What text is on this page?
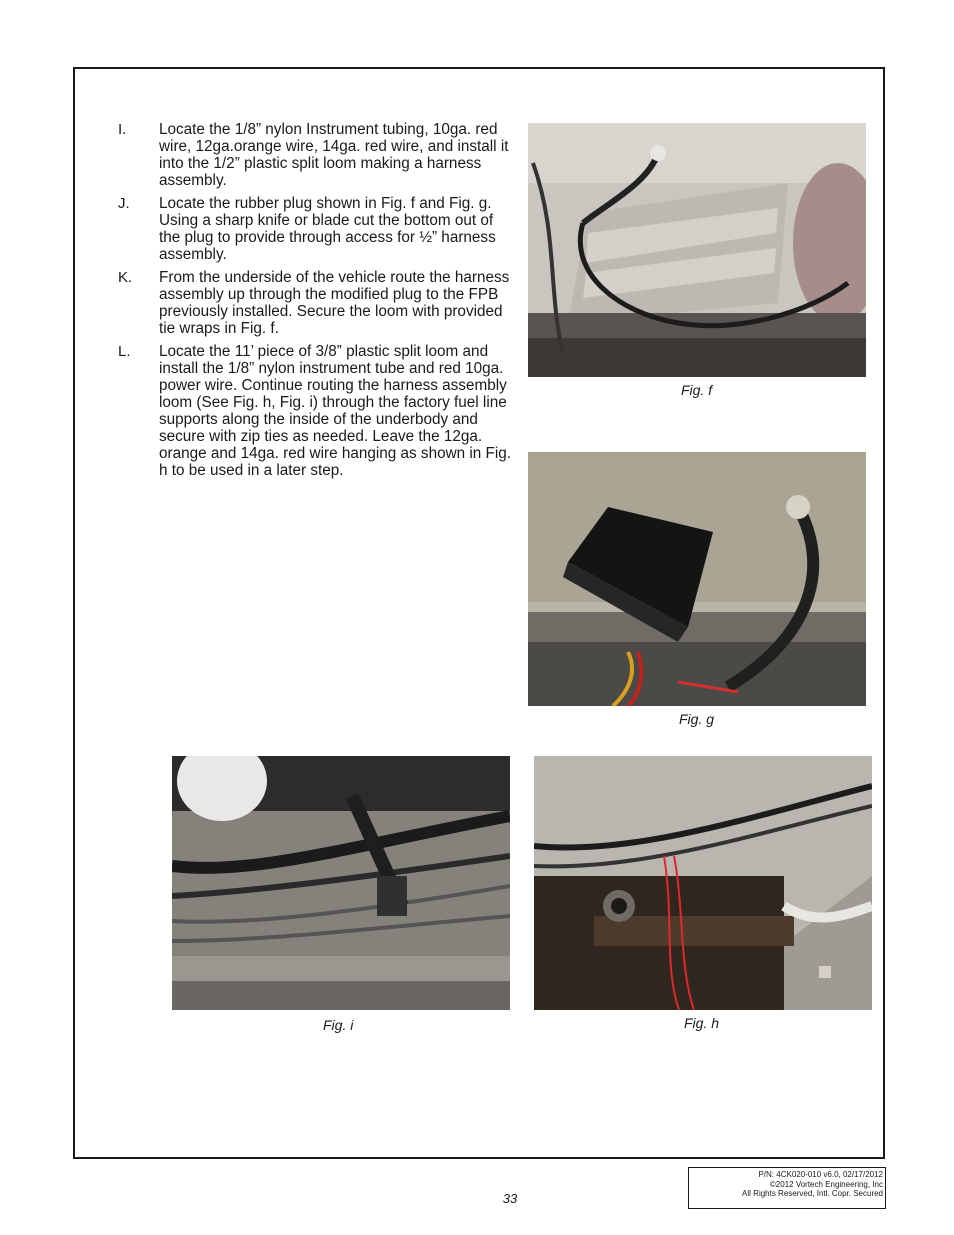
I.	Locate the 1/8” nylon Instrument tubing, 10ga. red wire, 12ga.orange wire, 14ga. red wire, and install it into the 1/2” plastic split loom making a harness assembly.
J.	Locate the rubber plug shown in Fig. f and Fig. g. Using a sharp knife or blade cut the bottom out of the plug to provide through access for ½” harness assembly.
K.	From the underside of the vehicle route the harness assembly up through the modified plug to the FPB previously installed. Secure the loom with provided tie wraps in Fig. f.
L.	Locate the 11’ piece of 3/8” plastic split loom and install the 1/8” nylon instrument tube and red 10ga. power wire. Continue routing the harness assembly loom (See Fig. h, Fig. i) through the factory fuel line supports along the inside of the underbody and secure with zip ties as needed. Leave the 12ga. orange and 14ga. red wire hanging as shown in Fig. h to be used in a later step.
Fig. f
Fig. g
Fig. i	Fig. h
33
P/N: 4CK020-010 v6.0, 02/17/2012
©2012 Vortech Engineering, Inc
All Rights Reserved, Intl. Copr. Secured
